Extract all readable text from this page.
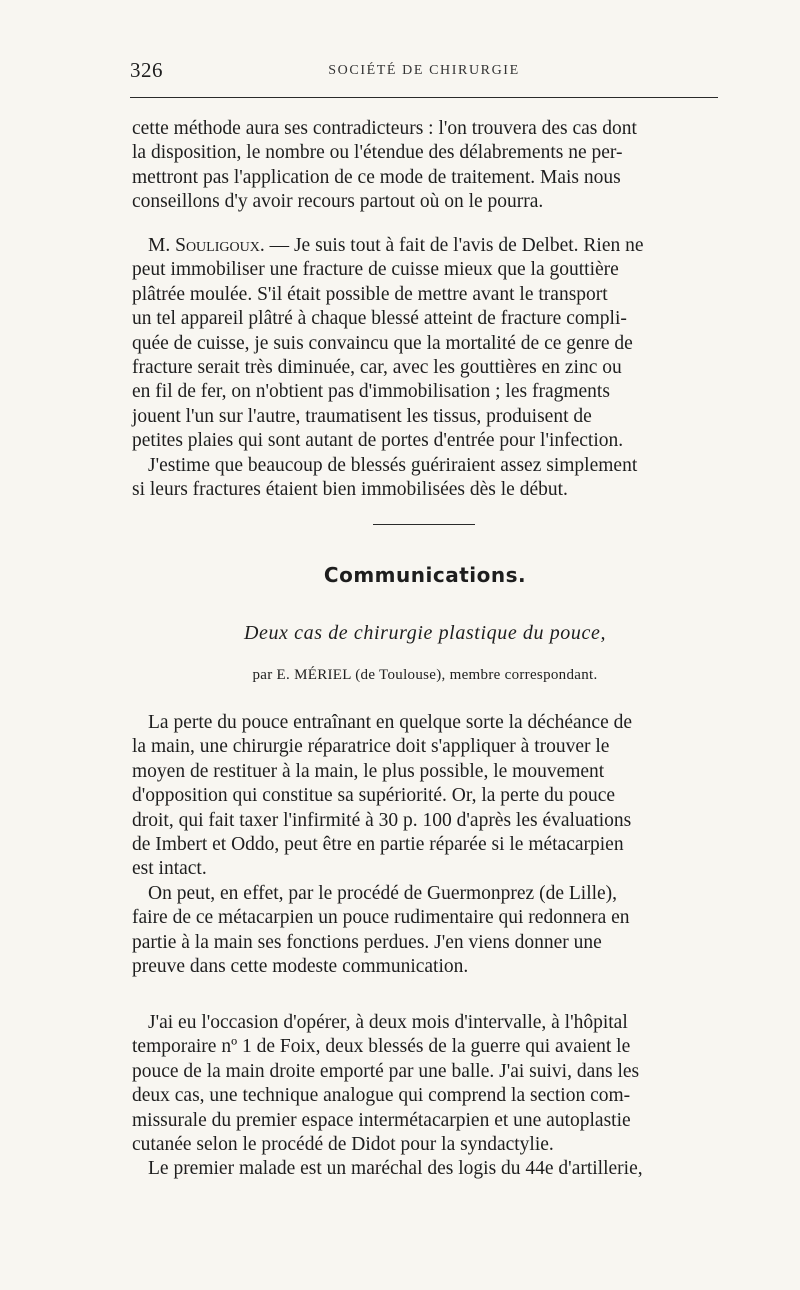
326	SOCIÉTÉ DE CHIRURGIE
cette méthode aura ses contradicteurs : l'on trouvera des cas dont
la disposition, le nombre ou l'étendue des délabrements ne per-
mettront pas l'application de ce mode de traitement. Mais nous
conseillons d'y avoir recours partout où on le pourra.
M. Souligoux. — Je suis tout à fait de l'avis de Delbet. Rien ne
peut immobiliser une fracture de cuisse mieux que la gouttière
plâtrée moulée. S'il était possible de mettre avant le transport
un tel appareil plâtré à chaque blessé atteint de fracture compli-
quée de cuisse, je suis convaincu que la mortalité de ce genre de
fracture serait très diminuée, car, avec les gouttières en zinc ou
en fil de fer, on n'obtient pas d'immobilisation ; les fragments
jouent l'un sur l'autre, traumatisent les tissus, produisent de
petites plaies qui sont autant de portes d'entrée pour l'infection.
J'estime que beaucoup de blessés guériraient assez simplement
si leurs fractures étaient bien immobilisées dès le début.
Communications.
Deux cas de chirurgie plastique du pouce,
par E. MÉRIEL (de Toulouse), membre correspondant.
La perte du pouce entraînant en quelque sorte la déchéance de
la main, une chirurgie réparatrice doit s'appliquer à trouver le
moyen de restituer à la main, le plus possible, le mouvement
d'opposition qui constitue sa supériorité. Or, la perte du pouce
droit, qui fait taxer l'infirmité à 30 p. 100 d'après les évaluations
de Imbert et Oddo, peut être en partie réparée si le métacarpien
est intact.
On peut, en effet, par le procédé de Guermonprez (de Lille),
faire de ce métacarpien un pouce rudimentaire qui redonnera en
partie à la main ses fonctions perdues. J'en viens donner une
preuve dans cette modeste communication.
J'ai eu l'occasion d'opérer, à deux mois d'intervalle, à l'hôpital
temporaire nº 1 de Foix, deux blessés de la guerre qui avaient le
pouce de la main droite emporté par une balle. J'ai suivi, dans les
deux cas, une technique analogue qui comprend la section com-
missurale du premier espace intermétacarpien et une autoplastie
cutanée selon le procédé de Didot pour la syndactylie.
Le premier malade est un maréchal des logis du 44e d'artillerie,
